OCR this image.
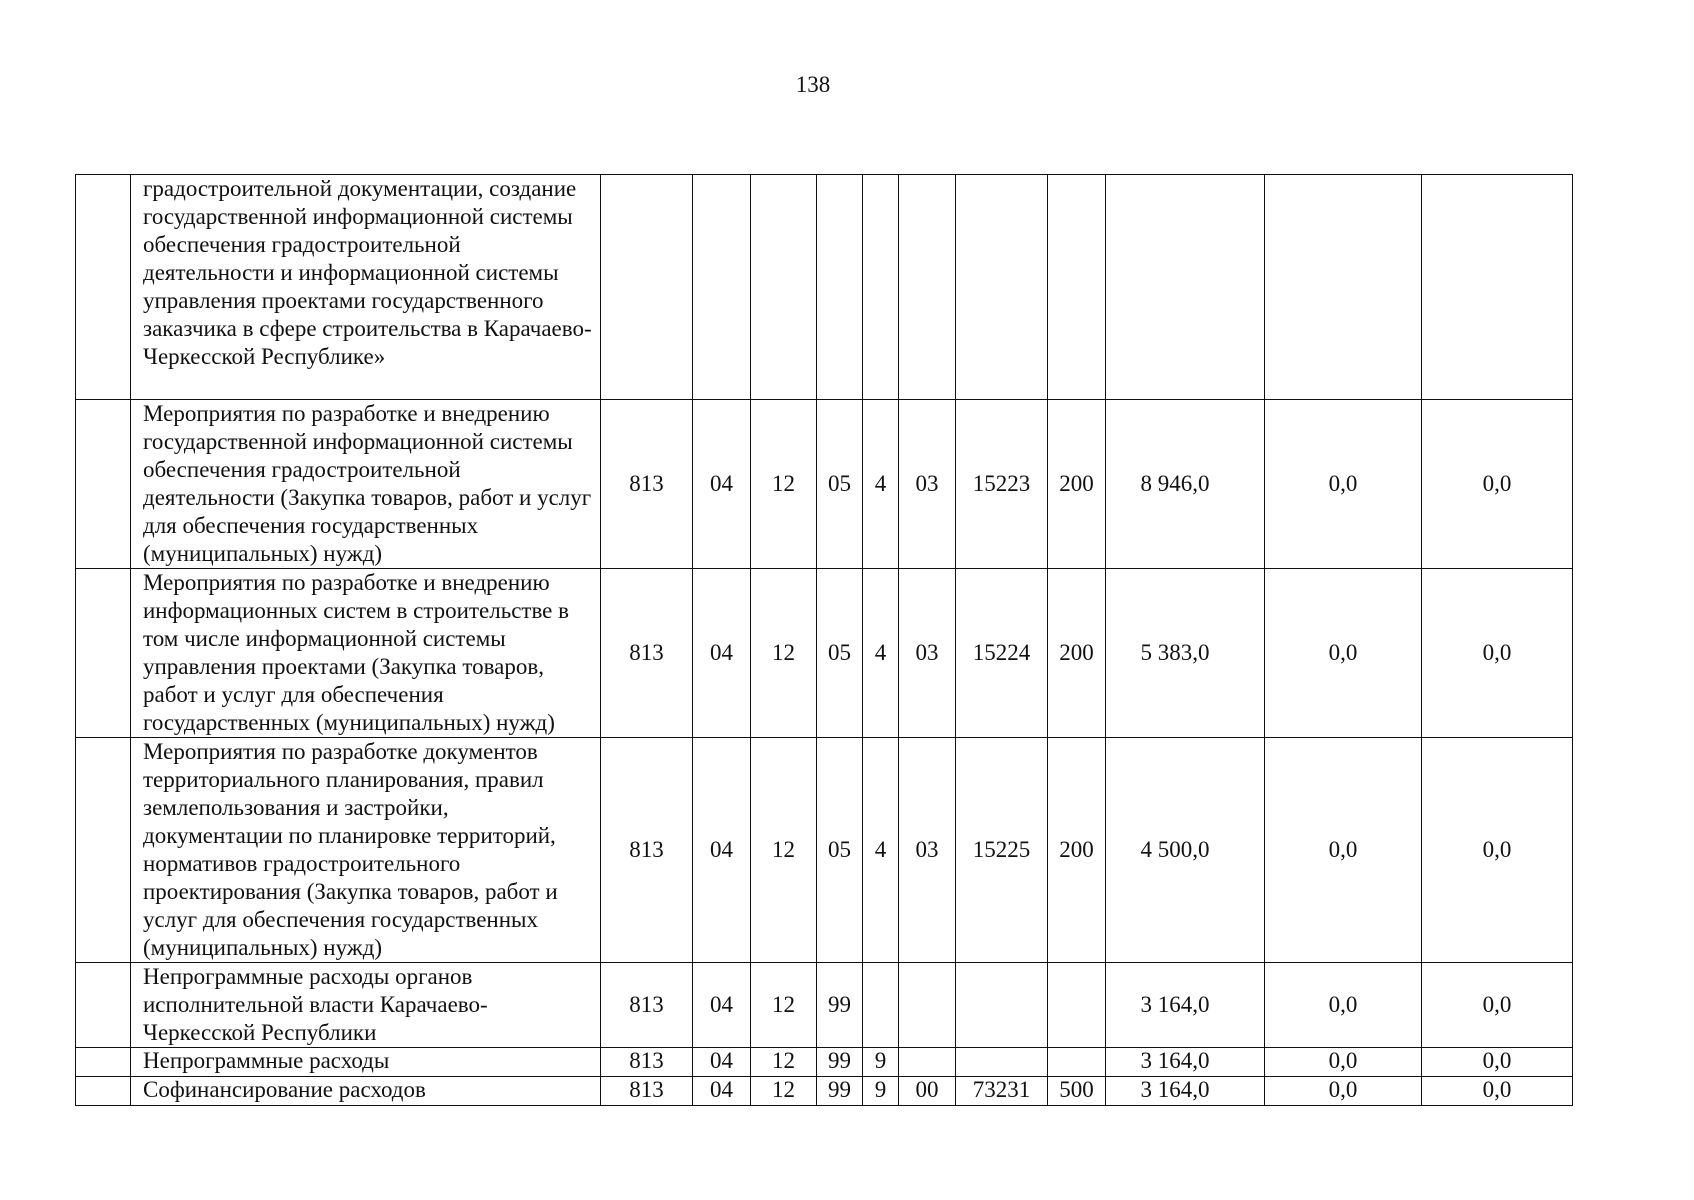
138
	градостроительной документации, создание государственной информационной системы обеспечения градостроительной деятельности и информационной системы управления проектами государственного заказчика в сфере строительства в Карачаево-Черкесской Республике»											
	Мероприятия по разработке и внедрению государственной информационной системы обеспечения градостроительной деятельности (Закупка товаров, работ и услуг для обеспечения государственных (муниципальных) нужд)	813	04	12	05	4	03	15223	200	8 946,0	0,0	0,0
	Мероприятия по разработке и внедрению информационных систем в строительстве в том числе информационной системы управления проектами (Закупка товаров, работ и услуг для обеспечения государственных (муниципальных) нужд)	813	04	12	05	4	03	15224	200	5 383,0	0,0	0,0
	Мероприятия по разработке документов территориального планирования, правил землепользования и застройки, документации по планировке территорий, нормативов градостроительного проектирования (Закупка товаров, работ и услуг для обеспечения государственных (муниципальных) нужд)	813	04	12	05	4	03	15225	200	4 500,0	0,0	0,0
	Непрограммные расходы органов исполнительной власти Карачаево-Черкесской Республики	813	04	12	99					3 164,0	0,0	0,0
	Непрограммные расходы	813	04	12	99	9				3 164,0	0,0	0,0
	Софинансирование расходов	813	04	12	99	9	00	73231	500	3 164,0	0,0	0,0
